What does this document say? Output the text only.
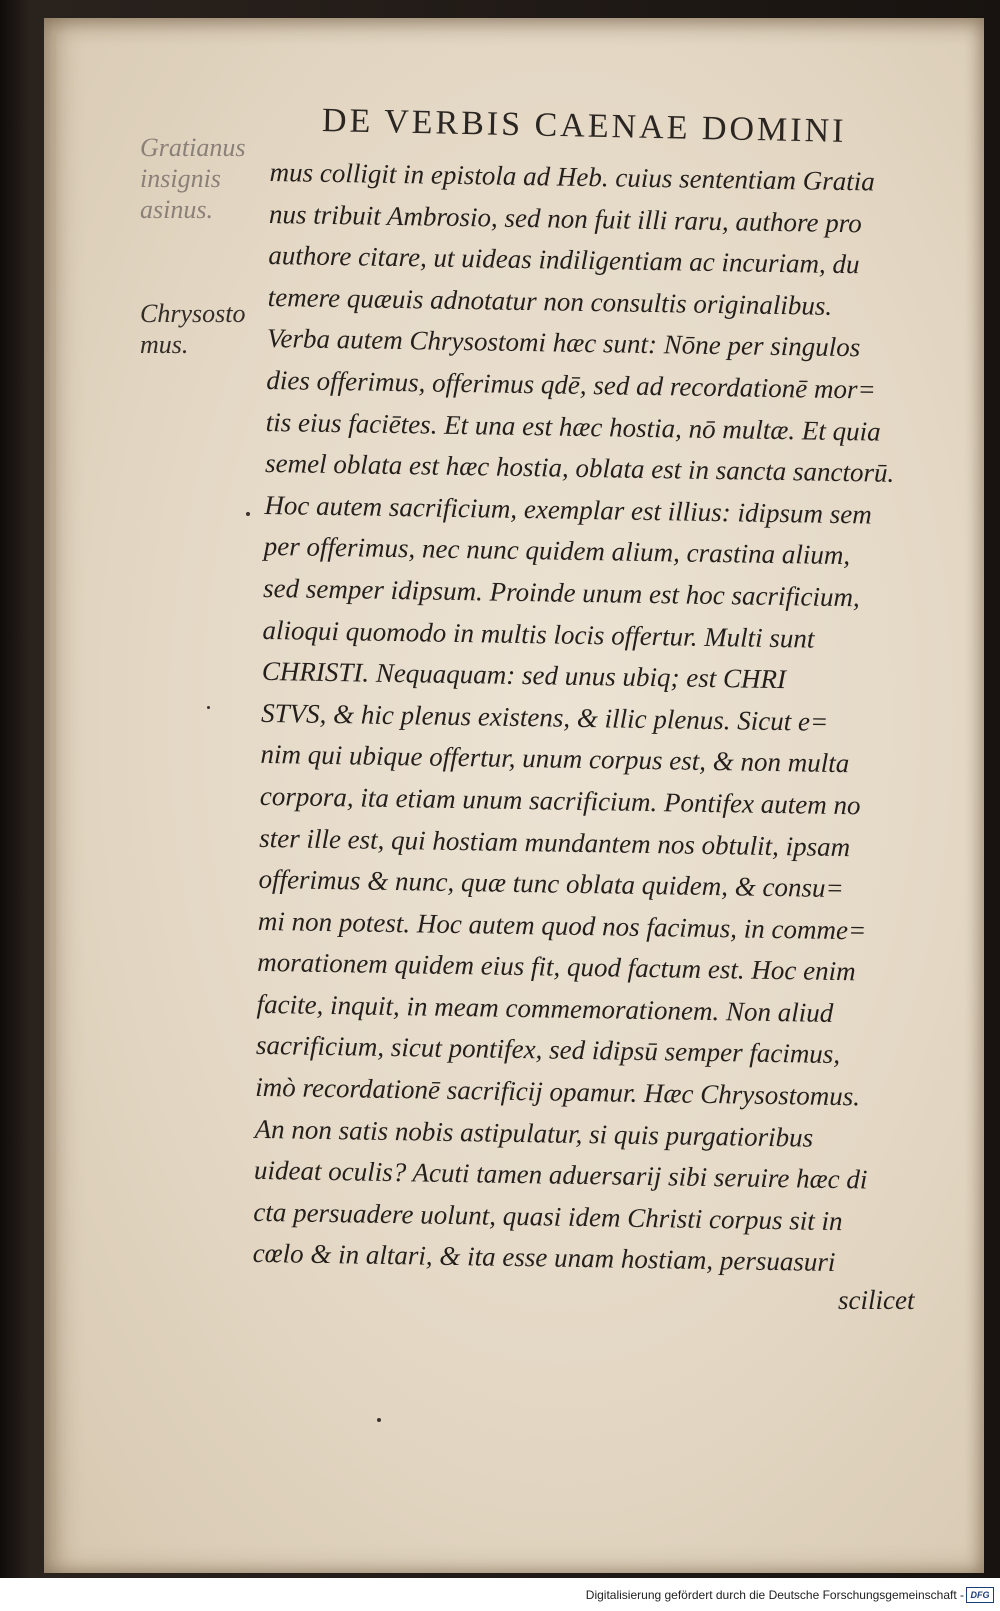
DE VERBIS CAENAE DOMINI
Gratianus
insignis
asinus.
Chrysosto
mus.
mus colligit in epistola ad Heb. cuius sententiam Gratia
nus tribuit Ambrosio, sed non fuit illi raru, authore pro
authore citare, ut uideas indiligentiam ac incuriam, du
temere quæuis adnotatur non consultis originalibus.
Verba autem Chrysostomi hæc sunt: Nōne per singulos
dies offerimus, offerimus qdē, sed ad recordationē mor=
tis eius faciētes. Et una est hæc hostia, nō multæ. Et quia
semel oblata est hæc hostia, oblata est in sancta sanctorū.
Hoc autem sacrificium, exemplar est illius: idipsum sem
per offerimus, nec nunc quidem alium, crastina alium,
sed semper idipsum. Proinde unum est hoc sacrificium,
alioqui quomodo in multis locis offertur. Multi sunt
CHRISTI. Nequaquam: sed unus ubiq; est CHRI
STVS, & hic plenus existens, & illic plenus. Sicut e=
nim qui ubique offertur, unum corpus est, & non multa
corpora, ita etiam unum sacrificium. Pontifex autem no
ster ille est, qui hostiam mundantem nos obtulit, ipsam
offerimus & nunc, quæ tunc oblata quidem, & consu=
mi non potest. Hoc autem quod nos facimus, in comme=
morationem quidem eius fit, quod factum est. Hoc enim
facite, inquit, in meam commemorationem. Non aliud
sacrificium, sicut pontifex, sed idipsū semper facimus,
imò recordationē sacrificij opamur. Hæc Chrysostomus.
An non satis nobis astipulatur, si quis purgatioribus
uideat oculis? Acuti tamen aduersarij sibi seruire hæc di
cta persuadere uolunt, quasi idem Christi corpus sit in
cœlo & in altari, & ita esse unam hostiam, persuasuri
scilicet
Digitalisierung gefördert durch die Deutsche Forschungsgemeinschaft - DFG
